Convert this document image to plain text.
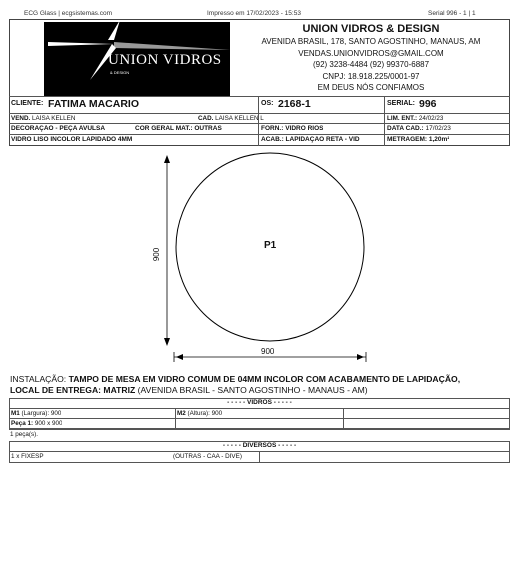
ECG Glass | ecgsistemas.com	Impresso em 17/02/2023 - 15:53	Serial 996 - 1 | 1
UNION VIDROS
& DESIGN
UNION VIDROS & DESIGN
AVENIDA BRASIL, 178, SANTO AGOSTINHO, MANAUS, AM
VENDAS.UNIONVIDROS@GMAIL.COM
(92) 3238-4484 (92) 99370-6887
CNPJ: 18.918.225/0001-97
EM DEUS NÓS CONFIAMOS
CLIENTE: FATIMA MACARIO	OS: 2168-1	SERIAL: 996
VEND. LAÍSA KELLEN	CAD. LAISA KELLEN L	LIM. ENT.: 24/02/23
DECORAÇÃO - PEÇA AVULSA	COR GERAL MAT.: OUTRAS	FORN.: VIDRO RIOS	DATA CAD.: 17/02/23
VIDRO LISO INCOLOR LAPIDADO 4MM	ACAB.: LAPIDAÇÃO RETA - VID	METRAGEM: 1,20m²
P1
900
900
INSTALAÇÃO: TAMPO DE MESA EM VIDRO COMUM DE 04MM INCOLOR COM ACABAMENTO DE LAPIDAÇÃO,
LOCAL DE ENTREGA: MATRIZ (AVENIDA BRASIL - SANTO AGOSTINHO - MANAUS - AM)
- - - - - VIDROS - - - - -
M1 (Largura): 900	M2 (Altura): 900
Peça 1: 900 x 900
1 peça(s).
- - - - - DIVERSOS - - - - -
1 x FIXESP	(OUTRAS - CAA - DIVE)
